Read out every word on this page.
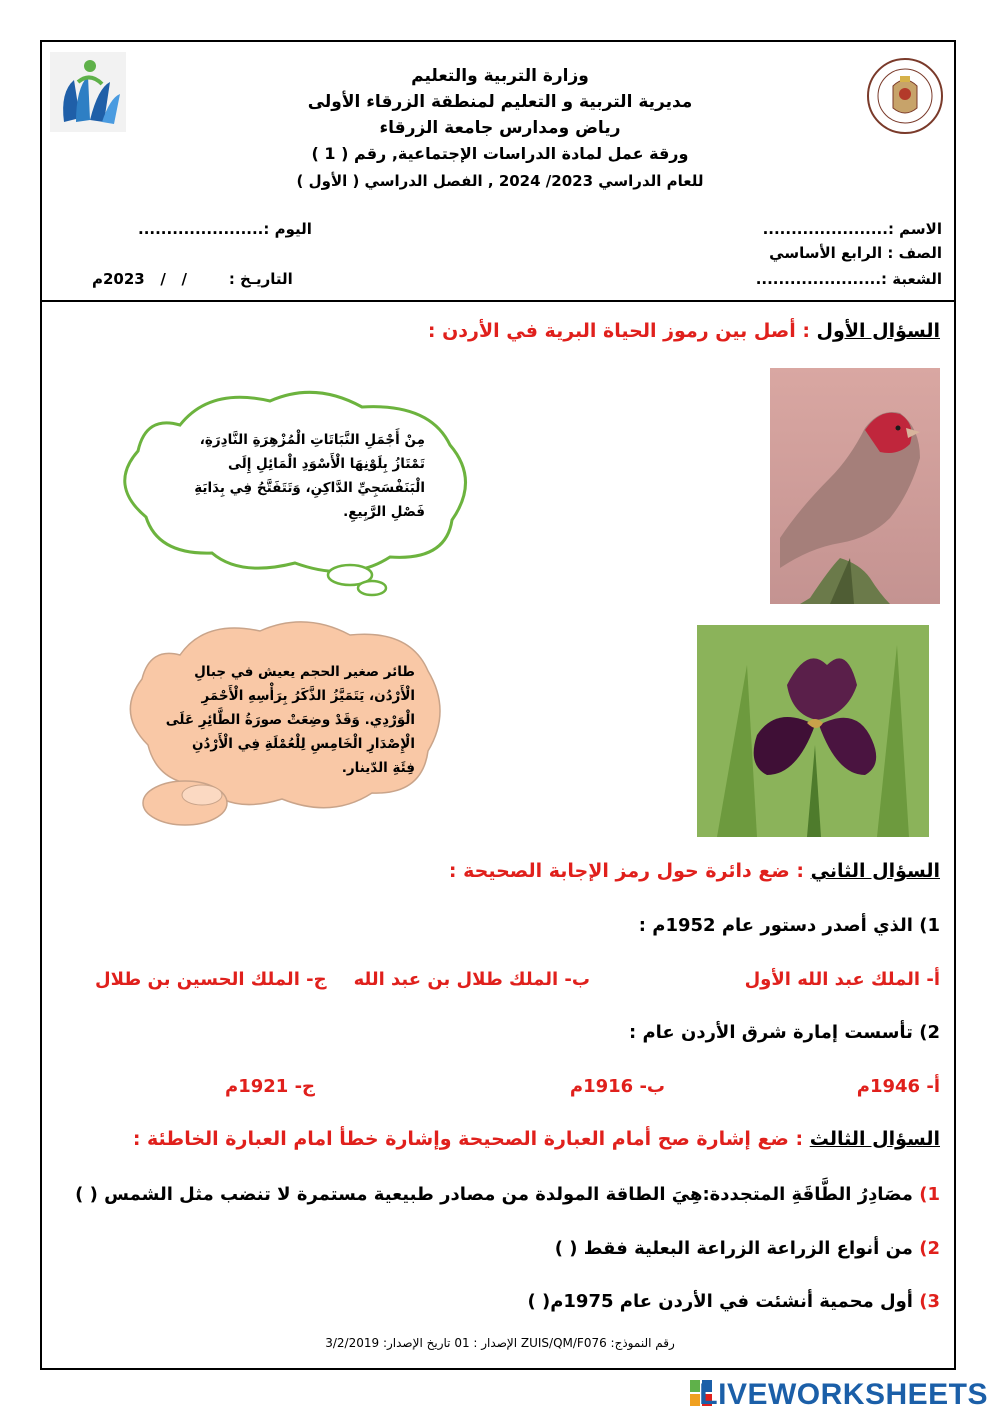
وزارة التربية والتعليم
مديرية التربية و التعليم لمنطقة الزرقاء الأولى
رياض ومدارس جامعة الزرقاء
ورقة عمل لمادة الدراسات الإجتماعية, رقم ( 1 )
للعام الدراسي 2023/ 2024 , الفصل الدراسي ( الأول )
الاسم :......................
الصف : الرابع الأساسي
الشعبة :......................
اليوم :......................
التاريـخ :        /   /   2023م
السؤال الأول : أصل بين رموز الحياة البرية في الأردن :
مِنْ أَجْمَلِ النَّبَاتَاتِ الْمُزْهِرَةِ النَّادِرَةِ، تَمْتَازُ بِلَوْنِهَا الْأَسْوَدِ الْمَائِلِ إِلَى الْبَنَفْسَجِيِّ الدَّاكِنِ، وَتَتَفَتَّحُ فِي بِدَايَةِ فَصْلِ الرَّبِيعِ.
طائر صغير الحجم يعيش في جبالِ الْأَرْدُن، يَتَمَيَّزُ الذَّكَرُ بِرَأْسِهِ الْأَحْمَرِ الْوَرْدِي. وَقَدْ وضِعَتْ صورَةُ الطَّائِرِ عَلَى الْإِصْدَارِ الْخَامِسِ لِلْعُمْلَةِ فِي الْأَرْدُنِ فِئَةِ الدّينار.
السؤال الثاني : ضع دائرة حول رمز الإجابة الصحيحة :
1) الذي أصدر دستور عام 1952م :
أ- الملك عبد الله الأول
ب- الملك طلال بن عبد الله
ج- الملك الحسين بن طلال
2) تأسست إمارة شرق الأردن عام :
أ- 1946م
ب- 1916م
ج- 1921م
السؤال الثالث : ضع إشارة صح أمام العبارة الصحيحة وإشارة خطأ امام العبارة الخاطئة :
1) مصَادِرُ الطَّاقَةِ المتجددة:هِيَ الطاقة المولدة من مصادر طبيعية مستمرة لا تنضب مثل الشمس ( )
2) من أنواع الزراعة الزراعة البعلية فقط ( )
3) أول محمية أنشئت في الأردن عام 1975م( )
رقم النموذج: ZUIS/QM/F076 الإصدار : 01 تاريخ الإصدار: 3/2/2019
LIVEWORKSHEETS
